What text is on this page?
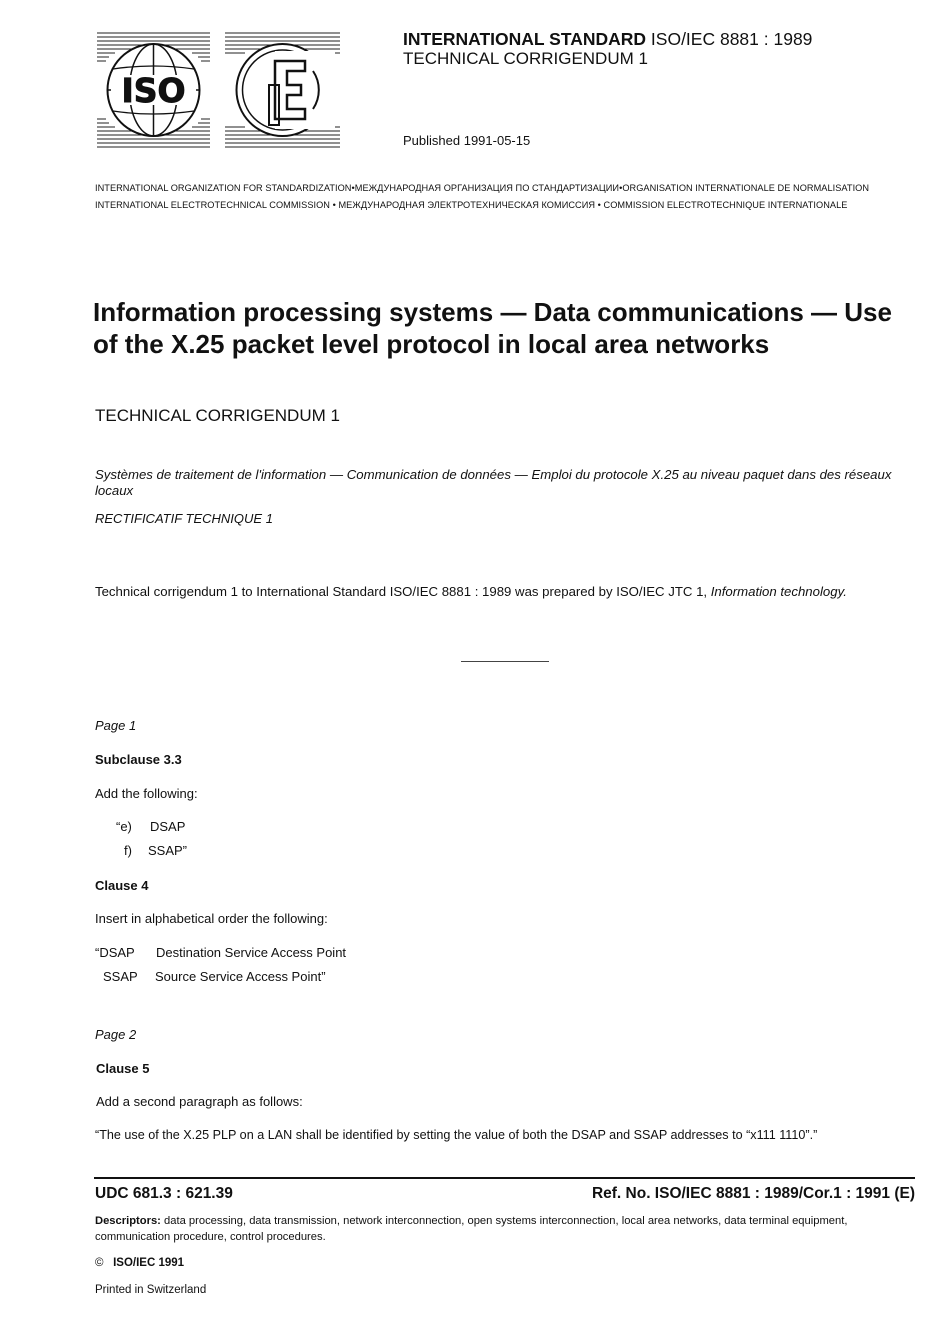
ISO
INTERNATIONAL STANDARD ISO/IEC 8881 : 1989
TECHNICAL CORRIGENDUM 1
Published 1991-05-15
INTERNATIONAL ORGANIZATION FOR STANDARDIZATION•МЕЖДУНАРОДНАЯ ОРГАНИЗАЦИЯ ПО СТАНДАРТИЗАЦИИ•ORGANISATION INTERNATIONALE DE NORMALISATION
INTERNATIONAL ELECTROTECHNICAL COMMISSION • МЕЖДУНАРОДНАЯ ЭЛЕКТРОТЕХНИЧЕСКАЯ КОМИССИЯ • COMMISSION ELECTROTECHNIQUE INTERNATIONALE
Information processing systems — Data communications — Use of the X.25 packet level protocol in local area networks
TECHNICAL CORRIGENDUM 1
Systèmes de traitement de l'information — Communication de données — Emploi du protocole X.25 au niveau paquet dans des réseaux locaux
RECTIFICATIF TECHNIQUE 1
Technical corrigendum 1 to International Standard ISO/IEC 8881 : 1989 was prepared by ISO/IEC JTC 1, Information technology.
Page 1
Subclause 3.3
Add the following:
“e) DSAP
f) SSAP”
Clause 4
Insert in alphabetical order the following:
“DSAP Destination Service Access Point
SSAP Source Service Access Point”
Page 2
Clause 5
Add a second paragraph as follows:
“The use of the X.25 PLP on a LAN shall be identified by setting the value of both the DSAP and SSAP addresses to “x111 1110”.”
UDC 681.3 : 621.39	Ref. No. ISO/IEC 8881 : 1989/Cor.1 : 1991 (E)
Descriptors: data processing, data transmission, network interconnection, open systems interconnection, local area networks, data terminal equipment, communication procedure, control procedures.
© ISO/IEC 1991
Printed in Switzerland
